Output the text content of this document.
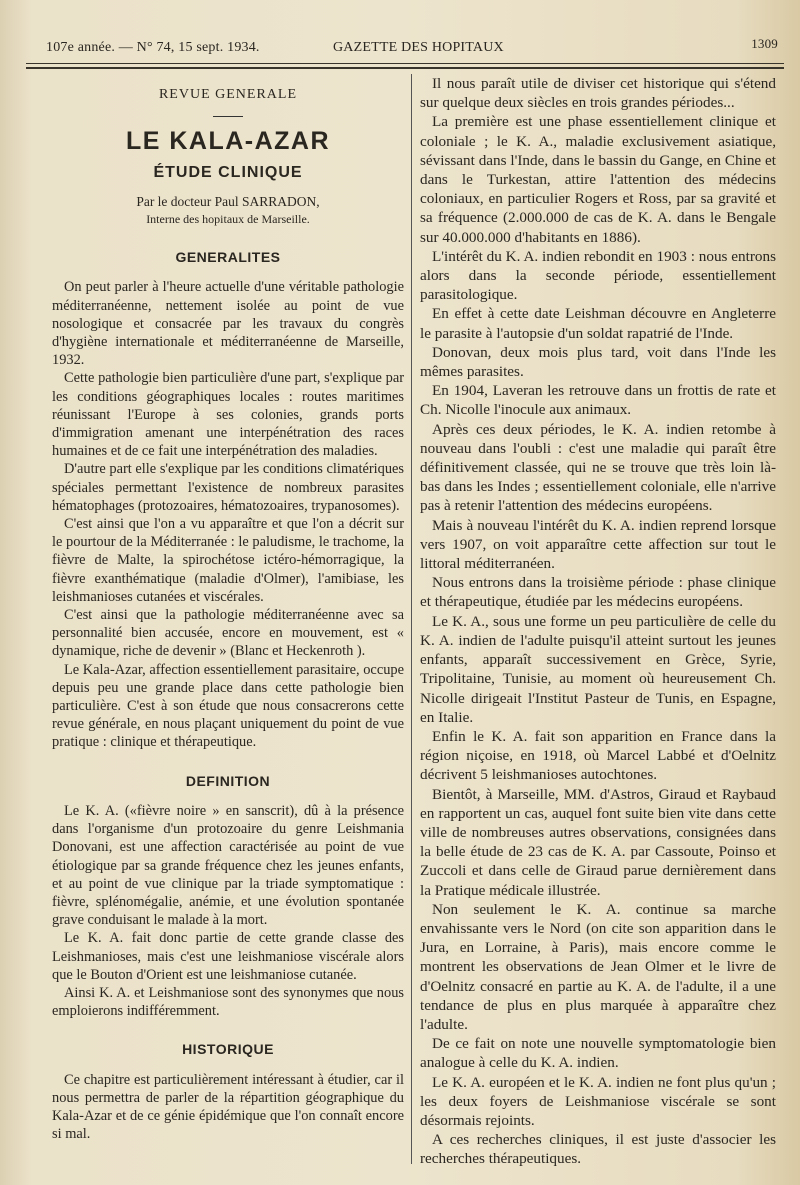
107e année. — N° 74, 15 sept. 1934.	GAZETTE DES HOPITAUX	1309

REVUE GENERALE

LE KALA-AZAR
ÉTUDE CLINIQUE
Par le docteur Paul SARRADON,
Interne des hopitaux de Marseille.
GENERALITES

On peut parler à l'heure actuelle d'une véritable pathologie méditerranéenne, nettement isolée au point de vue nosologique et consacrée par les travaux du congrès d'hygiène internationale et méditerranéenne de Marseille, 1932.

Cette pathologie bien particulière d'une part, s'explique par les conditions géographiques locales : routes maritimes réunissant l'Europe à ses colonies, grands ports d'immigration amenant une interpénétration des races humaines et de ce fait une interpénétration des maladies.

D'autre part elle s'explique par les conditions climatériques spéciales permettant l'existence de nombreux parasites hématophages (protozoaires, hématozoaires, trypanosomes).

C'est ainsi que l'on a vu apparaître et que l'on a décrit sur le pourtour de la Méditerranée : le paludisme, le trachome, la fièvre de Malte, la spirochétose ictéro-hémorragique, la fièvre exanthématique (maladie d'Olmer), l'amibiase, les leishmanioses cutanées et viscérales.

C'est ainsi que la pathologie méditerranéenne avec sa personnalité bien accusée, encore en mouvement, est « dynamique, riche de devenir » (Blanc et Heckenroth ).

Le Kala-Azar, affection essentiellement parasitaire, occupe depuis peu une grande place dans cette pathologie bien particulière. C'est à son étude que nous consacrerons cette revue générale, en nous plaçant uniquement du point de vue pratique : clinique et thérapeutique.

DEFINITION

Le K. A. («fièvre noire » en sanscrit), dû à la présence dans l'organisme d'un protozoaire du genre Leishmania Donovani, est une affection caractérisée au point de vue étiologique par sa grande fréquence chez les jeunes enfants, et au point de vue clinique par la triade symptomatique : fièvre, splénomégalie, anémie, et une évolution spontanée grave conduisant le malade à la mort.

Le K. A. fait donc partie de cette grande classe des Leishmanioses, mais c'est une leishmaniose viscérale alors que le Bouton d'Orient est une leishmaniose cutanée.

Ainsi K. A. et Leishmaniose sont des synonymes que nous emploierons indifféremment.

HISTORIQUE

Ce chapitre est particulièrement intéressant à étudier, car il nous permettra de parler de la répartition géographique du Kala-Azar et de ce génie épidémique que l'on connaît encore si mal.

Il nous paraît utile de diviser cet historique qui s'étend sur quelque deux siècles en trois grandes périodes...

La première est une phase essentiellement clinique et coloniale ; le K. A., maladie exclusivement asiatique, sévissant dans l'Inde, dans le bassin du Gange, en Chine et dans le Turkestan, attire l'attention des médecins coloniaux, en particulier Rogers et Ross, par sa gravité et sa fréquence (2.000.000 de cas de K. A. dans le Bengale sur 40.000.000 d'habitants en 1886).

L'intérêt du K. A. indien rebondit en 1903 : nous entrons alors dans la seconde période, essentiellement parasitologique.

En effet à cette date Leishman découvre en Angleterre le parasite à l'autopsie d'un soldat rapatrié de l'Inde.

Donovan, deux mois plus tard, voit dans l'Inde les mêmes parasites.

En 1904, Laveran les retrouve dans un frottis de rate et Ch. Nicolle l'inocule aux animaux.

Après ces deux périodes, le K. A. indien retombe à nouveau dans l'oubli : c'est une maladie qui paraît être définitivement classée, qui ne se trouve que très loin là-bas dans les Indes ; essentiellement coloniale, elle n'arrive pas à retenir l'attention des médecins européens.

Mais à nouveau l'intérêt du K. A. indien reprend lorsque vers 1907, on voit apparaître cette affection sur tout le littoral méditerranéen.

Nous entrons dans la troisième période : phase clinique et thérapeutique, étudiée par les médecins européens.

Le K. A., sous une forme un peu particulière de celle du K. A. indien de l'adulte puisqu'il atteint surtout les jeunes enfants, apparaît successivement en Grèce, Syrie, Tripolitaine, Tunisie, au moment où heureusement Ch. Nicolle dirigeait l'Institut Pasteur de Tunis, en Espagne, en Italie.

Enfin le K. A. fait son apparition en France dans la région niçoise, en 1918, où Marcel Labbé et d'Oelnitz décrivent 5 leishmanioses autochtones.

Bientôt, à Marseille, MM. d'Astros, Giraud et Raybaud en rapportent un cas, auquel font suite bien vite dans cette ville de nombreuses autres observations, consignées dans la belle étude de 23 cas de K. A. par Cassoute, Poinso et Zuccoli et dans celle de Giraud parue dernièrement dans la Pratique médicale illustrée.

Non seulement le K. A. continue sa marche envahissante vers le Nord (on cite son apparition dans le Jura, en Lorraine, à Paris), mais encore comme le montrent les observations de Jean Olmer et le livre de d'Oelnitz consacré en partie au K. A. de l'adulte, il a une tendance de plus en plus marquée à apparaître chez l'adulte.

De ce fait on note une nouvelle symptomatologie bien analogue à celle du K. A. indien.

Le K. A. européen et le K. A. indien ne font plus qu'un ; les deux foyers de Leishmaniose viscérale se sont désormais rejoints.

A ces recherches cliniques, il est juste d'associer les recherches thérapeutiques.
